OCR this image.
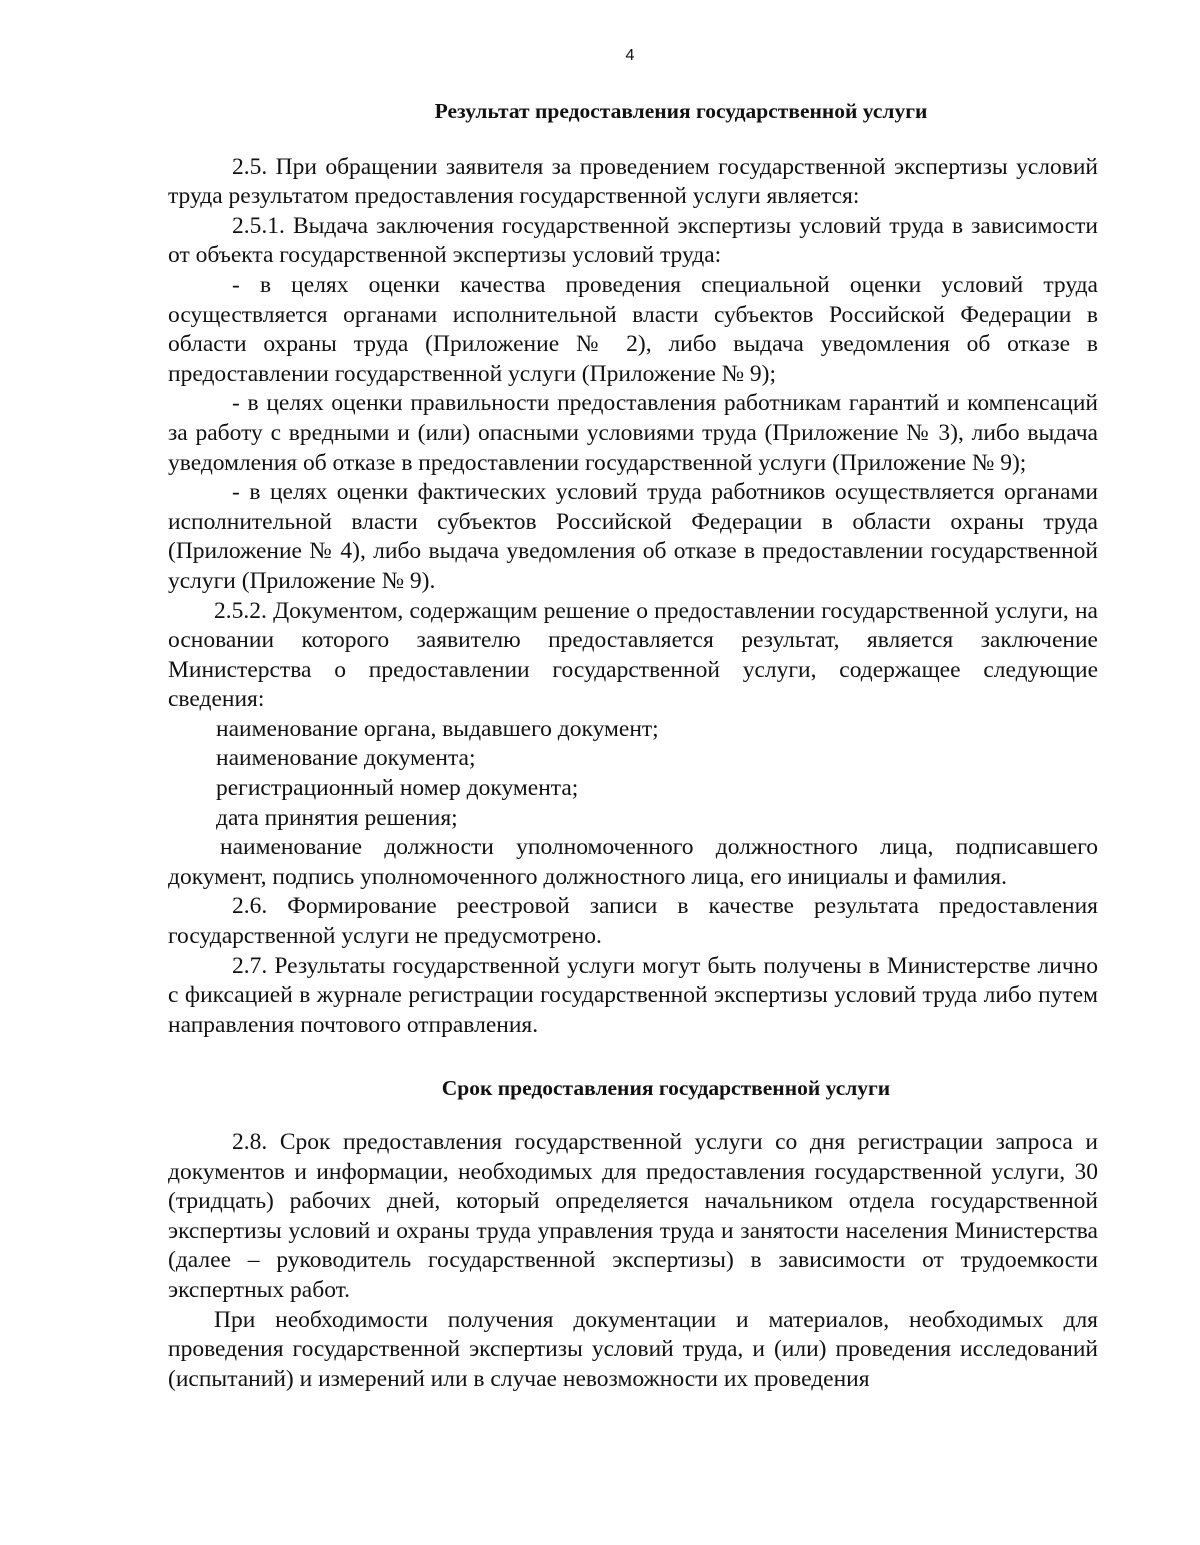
4
Результат предоставления государственной услуги

2.5. При обращении заявителя за проведением государственной экспертизы условий труда результатом предоставления государственной услуги является:

2.5.1. Выдача заключения государственной экспертизы условий труда в зависимости от объекта государственной экспертизы условий труда:

- в целях оценки качества проведения специальной оценки условий труда осуществляется органами исполнительной власти субъектов Российской Федерации в области охраны труда (Приложение № 2), либо выдача уведомления об отказе в предоставлении государственной услуги (Приложение № 9);

- в целях оценки правильности предоставления работникам гарантий и компенсаций за работу с вредными и (или) опасными условиями труда (Приложение № 3), либо выдача уведомления об отказе в предоставлении государственной услуги (Приложение № 9);

- в целях оценки фактических условий труда работников осуществляется органами исполнительной власти субъектов Российской Федерации в области охраны труда (Приложение № 4), либо выдача уведомления об отказе в предоставлении государственной услуги (Приложение № 9).

2.5.2. Документом, содержащим решение о предоставлении государственной услуги, на основании которого заявителю предоставляется результат, является заключение Министерства о предоставлении государственной услуги, содержащее следующие сведения:

наименование органа, выдавшего документ;

наименование документа;

регистрационный номер документа;

дата принятия решения;

наименование должности уполномоченного должностного лица, подписавшего документ, подпись уполномоченного должностного лица, его инициалы и фамилия.

2.6. Формирование реестровой записи в качестве результата предоставления государственной услуги не предусмотрено.

2.7. Результаты государственной услуги могут быть получены в Министерстве лично с фиксацией в журнале регистрации государственной экспертизы условий труда либо путем направления почтового отправления.

Срок предоставления государственной услуги

2.8. Срок предоставления государственной услуги со дня регистрации запроса и документов и информации, необходимых для предоставления государственной услуги, 30 (тридцать) рабочих дней, который определяется начальником отдела государственной экспертизы условий и охраны труда управления труда и занятости населения Министерства (далее – руководитель государственной экспертизы) в зависимости от трудоемкости экспертных работ.

При необходимости получения документации и материалов, необходимых для проведения государственной экспертизы условий труда, и (или) проведения исследований (испытаний) и измерений или в случае невозможности их проведения
